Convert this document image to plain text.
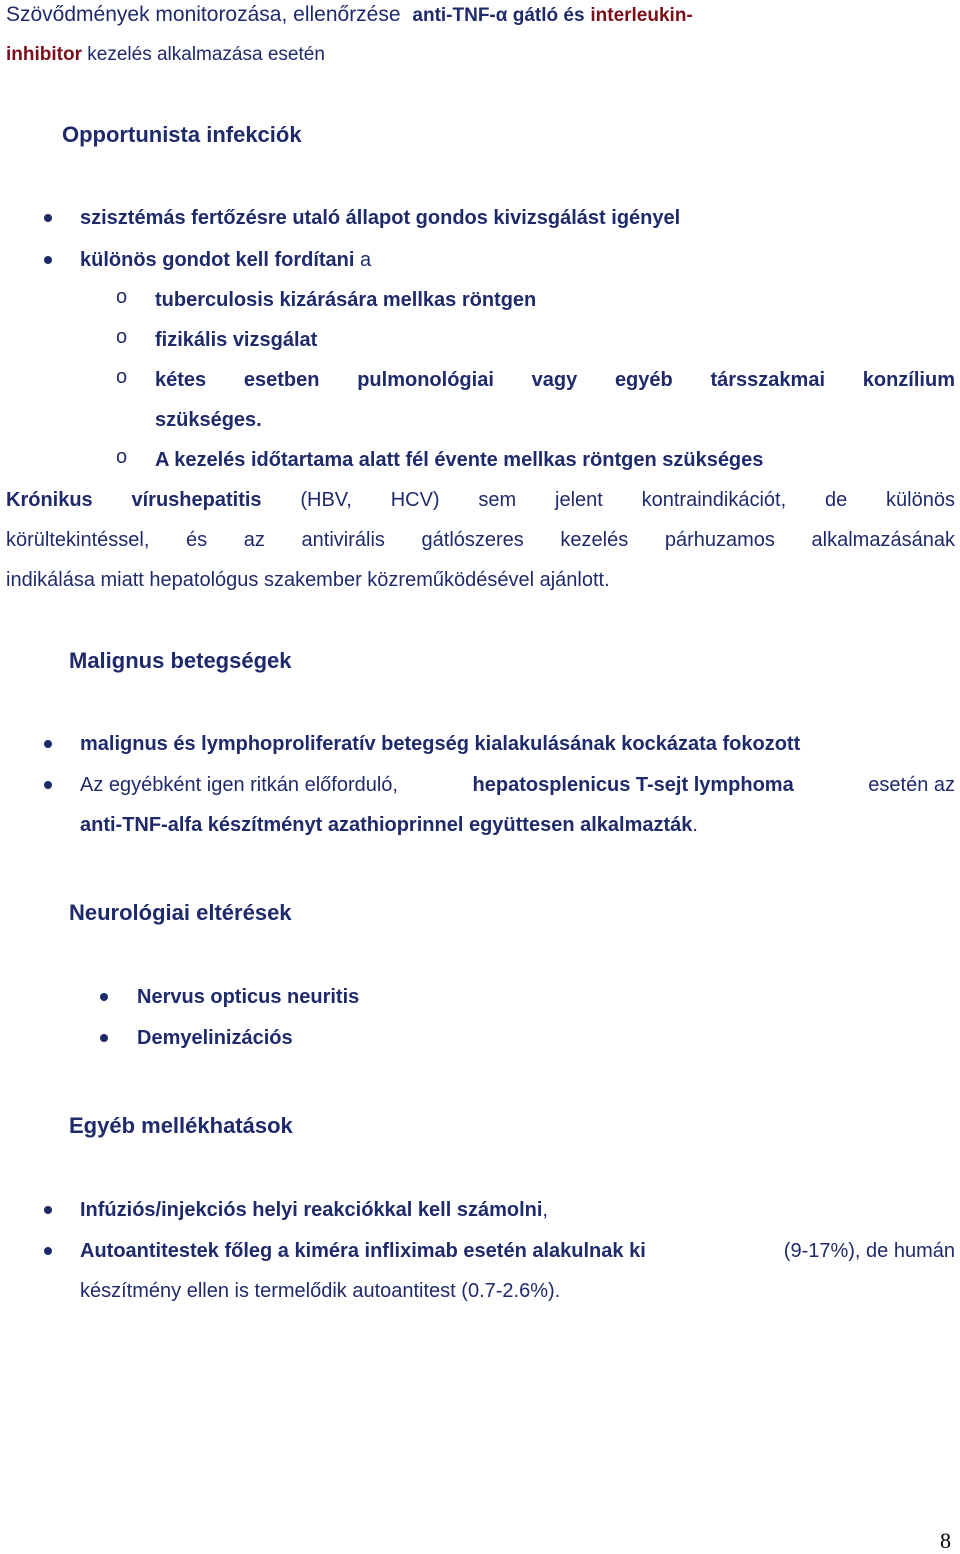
Szövődmények monitorozása, ellenőrzése anti-TNF-α gátló és interleukin-
inhibitor kezelés alkalmazása esetén
Opportunista infekciók
szisztémás fertőzésre utaló állapot gondos kivizsgálást igényel
különös gondot kell fordítani a
o tuberculosis kizárására mellkas röntgen
o fizikális vizsgálat
o kétes esetben pulmonológiai vagy egyéb társszakmai konzílium
szükséges.
o A kezelés időtartama alatt fél évente mellkas röntgen szükséges
Krónikus vírushepatitis (HBV, HCV) sem jelent kontraindikációt, de különös
körültekintéssel, és az antivirális gátlószeres kezelés párhuzamos alkalmazásának
indikálása miatt hepatológus szakember közreműködésével ajánlott.
Malignus betegségek
malignus és lymphoproliferatív betegség kialakulásának kockázata fokozott
Az egyébként igen ritkán előforduló,	hepatosplenicus T-sejt lymphoma	esetén az
anti-TNF-alfa készítményt azathioprinnel együttesen alkalmazták.
Neurológiai eltérések
Nervus opticus neuritis
Demyelinizációs
Egyéb mellékhatások
Infúziós/injekciós helyi reakciókkal kell számolni,
Autoantitestek főleg a kiméra infliximab esetén alakulnak ki	(9-17%), de humán
készítmény ellen is termelődik autoantitest (0.7-2.6%).
8
